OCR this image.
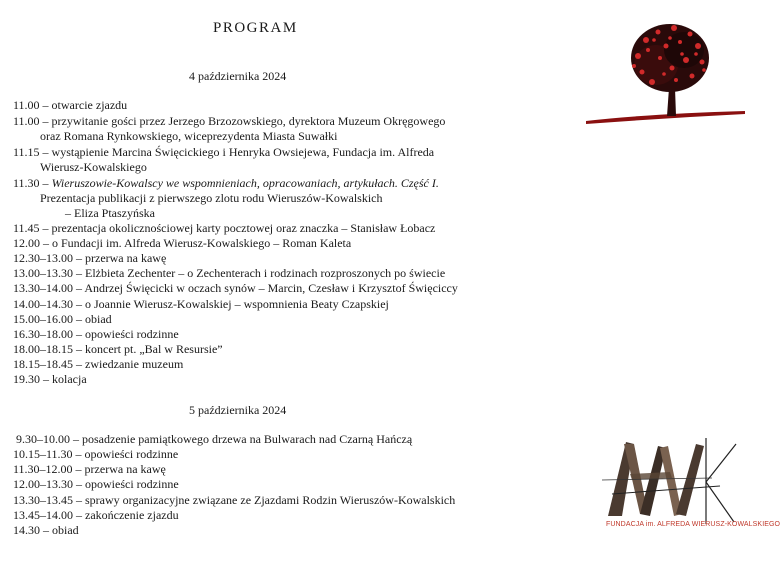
PROGRAM
4 października 2024
11.00 – otwarcie zjazdu
11.00 – przywitanie gości przez Jerzego Brzozowskiego, dyrektora Muzeum Okręgowego
oraz Romana Rynkowskiego, wiceprezydenta Miasta Suwałki
11.15 – wystąpienie Marcina Święcickiego i Henryka Owsiejewa, Fundacja im. Alfreda
Wierusz-Kowalskiego
11.30 – Wieruszowie-Kowalscy we wspomnieniach, opracowaniach, artykułach. Część I.
Prezentacja publikacji z pierwszego zlotu rodu Wieruszów-Kowalskich
– Eliza Ptaszyńska
11.45 – prezentacja okolicznościowej karty pocztowej oraz znaczka – Stanisław Łobacz
12.00 – o Fundacji im. Alfreda Wierusz-Kowalskiego – Roman Kaleta
12.30–13.00 – przerwa na kawę
13.00–13.30 – Elżbieta Zechenter – o Zechenterach i rodzinach rozproszonych po świecie
13.30–14.00 – Andrzej Święcicki w oczach synów – Marcin, Czesław i Krzysztof Święciccy
14.00–14.30 – o Joannie Wierusz-Kowalskiej – wspomnienia Beaty Czapskiej
15.00–16.00 – obiad
16.30–18.00 – opowieści rodzinne
18.00–18.15 – koncert pt. „Bal w Resursie”
18.15–18.45 – zwiedzanie muzeum
19.30 – kolacja
5 października 2024
9.30–10.00 – posadzenie pamiątkowego drzewa na Bulwarach nad Czarną Hańczą
10.15–11.30 – opowieści rodzinne
11.30–12.00 – przerwa na kawę
12.00–13.30 – opowieści rodzinne
13.30–13.45 – sprawy organizacyjne związane ze Zjazdami Rodzin Wieruszów-Kowalskich
13.45–14.00 – zakończenie zjazdu
14.30 – obiad	FUNDACJA im. ALFREDA WIERUSZ-KOWALSKIEGO
